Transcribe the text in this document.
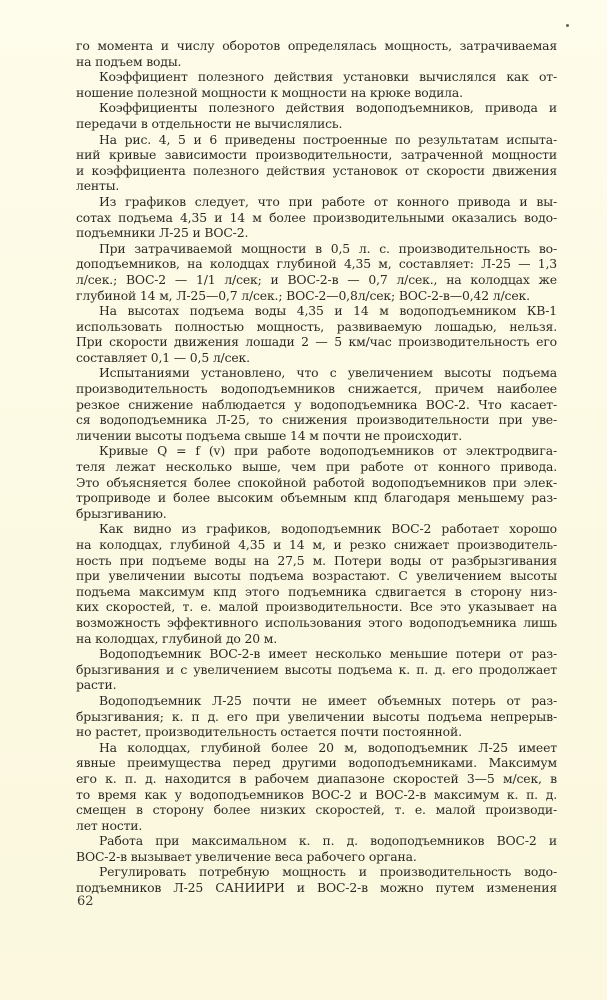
го момента и числу оборотов определялась мощность, затрачиваемая
на подъем воды.
Коэффициент полезного действия установки вычислялся как от-
ношение полезной мощности к мощности на крюке водила.
Коэффициенты полезного действия водоподъемников, привода и
передачи в отдельности не вычислялись.
На рис. 4, 5 и 6 приведены построенные по результатам испыта-
ний кривые зависимости производительности, затраченной мощности
и коэффициента полезного действия установок от скорости движения
ленты.
Из графиков следует, что при работе от конного привода и вы-
сотах подъема 4,35 и 14 м более производительными оказались водо-
подъемники Л-25 и ВОС-2.
При затрачиваемой мощности в 0,5 л. с. производительность во-
доподъемников, на колодцах глубиной 4,35 м, составляет: Л-25 — 1,3
л/сек.; ВОС-2 — 1/1 л/сек; и ВОС-2-в — 0,7 л/сек., на колодцах же
глубиной 14 м, Л-25—0,7 л/сек.; ВОС-2—0,8л/сек; ВОС-2-в—0,42 л/сек.
На высотах подъема воды 4,35 и 14 м водоподъемником КВ-1
использовать полностью мощность, развиваемую лошадью, нельзя.
При скорости движения лошади 2 — 5 км/час производительность его
составляет 0,1 — 0,5 л/сек.
Испытаниями установлено, что с увеличением высоты подъема
производительность водоподъемников снижается, причем наиболее
резкое снижение наблюдается у водоподъемника ВОС-2. Что касает-
ся водоподъемника Л-25, то снижения производительности при уве-
личении высоты подъема свыше 14 м почти не происходит.
Кривые Q = f (v) при работе водоподъемников от электродвига-
теля лежат несколько выше, чем при работе от конного привода.
Это объясняется более спокойной работой водоподъемников при элек-
троприводе и более высоким объемным кпд благодаря меньшему раз-
брызгиванию.
Как видно из графиков, водоподъемник ВОС-2 работает хорошо
на колодцах, глубиной 4,35 и 14 м, и резко снижает производитель-
ность при подъеме воды на 27,5 м. Потери воды от разбрызгивания
при увеличении высоты подъема возрастают. С увеличением высоты
подъема максимум кпд этого подъемника сдвигается в сторону низ-
ких скоростей, т. е. малой производительности. Все это указывает на
возможность эффективного использования этого водоподъемника лишь
на колодцах, глубиной до 20 м.
Водоподъемник ВОС-2-в имеет несколько меньшие потери от раз-
брызгивания и с увеличением высоты подъема к. п. д. его продолжает
расти.
Водоподъемник Л-25 почти не имеет объемных потерь от раз-
брызгивания; к. п д. его при увеличении высоты подъема непрерыв-
но растет, производительность остается почти постоянной.
На колодцах, глубиной более 20 м, водоподъемник Л-25 имеет
явные преимущества перед другими водоподъемниками. Максимум
его к. п. д. находится в рабочем диапазоне скоростей 3—5 м/сек, в
то время как у водоподъемников ВОС-2 и ВОС-2-в максимум к. п. д.
смещен в сторону более низких скоростей, т. е. малой производи-
лет ности.
Работа при максимальном к. п. д. водоподъемников ВОС-2 и
ВОС-2-в вызывает увеличение веса рабочего органа.
Регулировать потребную мощность и производительность водо-
подъемников Л-25 САНИИРИ и ВОС-2-в можно путем изменения
62
